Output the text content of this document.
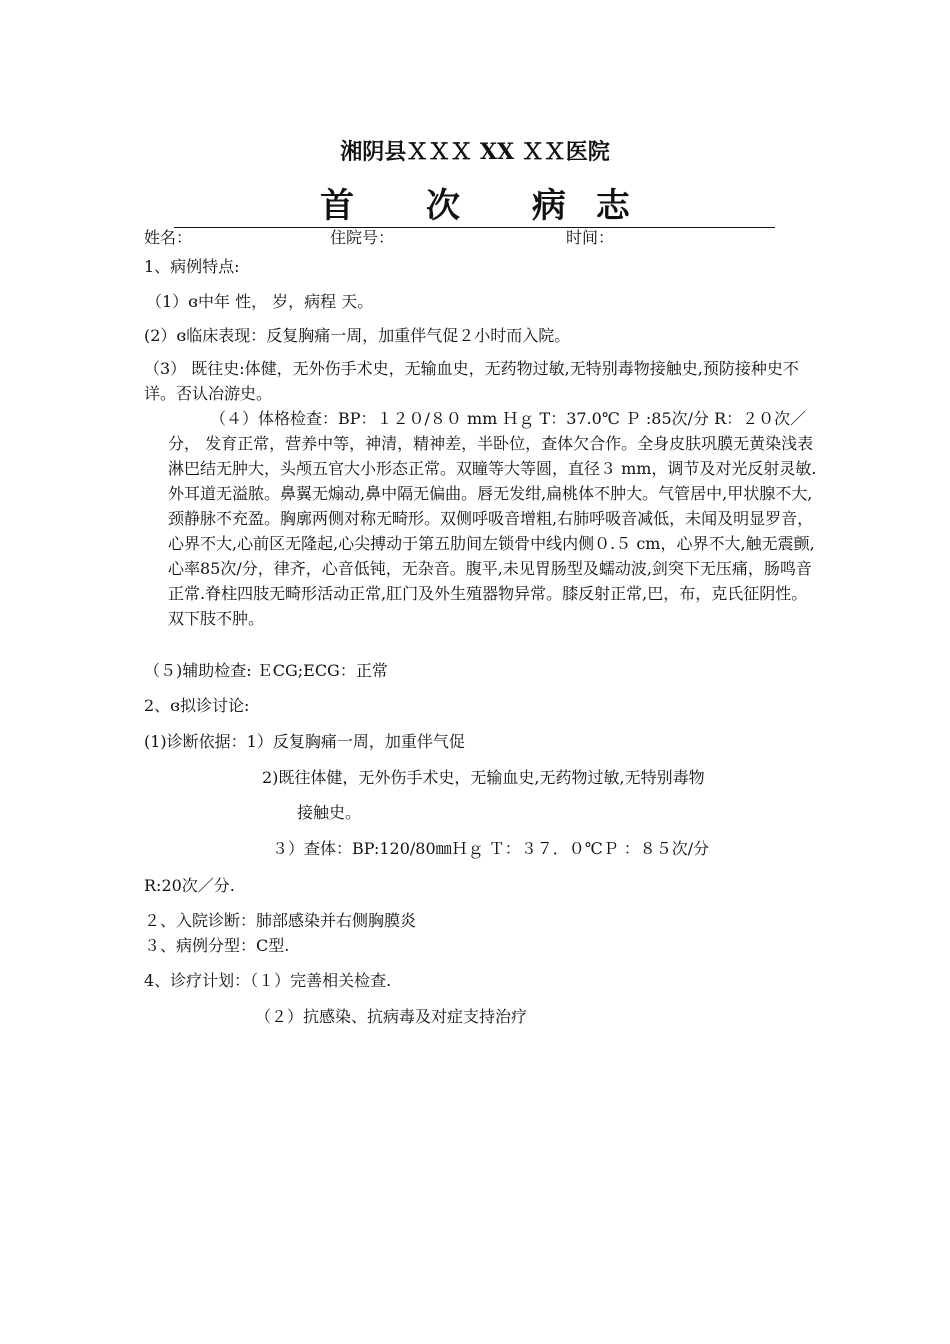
湘阴县ＸＸＸ XX ＸＸ医院
首 次 病志
姓名：	住院号：	时间：
1、病例特点:
（1）ɞ中年 性， 岁，病程 天。
(2）ɞ临床表现：反复胸痛一周，加重伴气促２小时而入院。
（3） 既往史:体健，无外伤手术史，无输血史，无药物过敏,无特别毒物接触史,预防接种史不详。否认冶游史。
（４）体格检查：BP：１２０/８０ mm Ｈｇ T：37.0℃ Ｐ :85次/分 R：２０次／分， 发育正常，营养中等，神清，精神差，半卧位，查体欠合作。全身皮肤巩膜无黄染浅表淋巴结无肿大，头颅五官大小形态正常。双瞳等大等圆，直径３ mm，调节及对光反射灵敏.外耳道无溢脓。鼻翼无煽动,鼻中隔无偏曲。唇无发绀,扁桃体不肿大。气管居中,甲状腺不大,颈静脉不充盈。胸廓两侧对称无畸形。双侧呼吸音增粗,右肺呼吸音减低，未闻及明显罗音，心界不大,心前区无隆起,心尖搏动于第五肋间左锁骨中线内侧０.５ cm，心界不大,触无震颤,心率85次/分，律齐，心音低钝，无杂音。腹平,未见胃肠型及蠕动波,剑突下无压痛，肠鸣音正常.脊柱四肢无畸形活动正常,肛门及外生殖器物异常。膝反射正常,巴，布，克氏征阴性。双下肢不肿。
（５)辅助检查: ＥCG;ECG：正常
2、ɞ拟诊讨论:
(1)诊断依据：1）反复胸痛一周，加重伴气促
2)既往体健，无外伤手术史，无输血史,无药物过敏,无特别毒物
接触史。
３）查体：BP:120/80㎜Ｈｇ Ｔ：３７．０℃Ｐ ：８５次/分
R:20次／分.
２、入院诊断：肺部感染并右侧胸膜炎
３、病例分型：C型.
4、诊疗计划：（１）完善相关检查.
（２）抗感染、抗病毒及对症支持治疗
